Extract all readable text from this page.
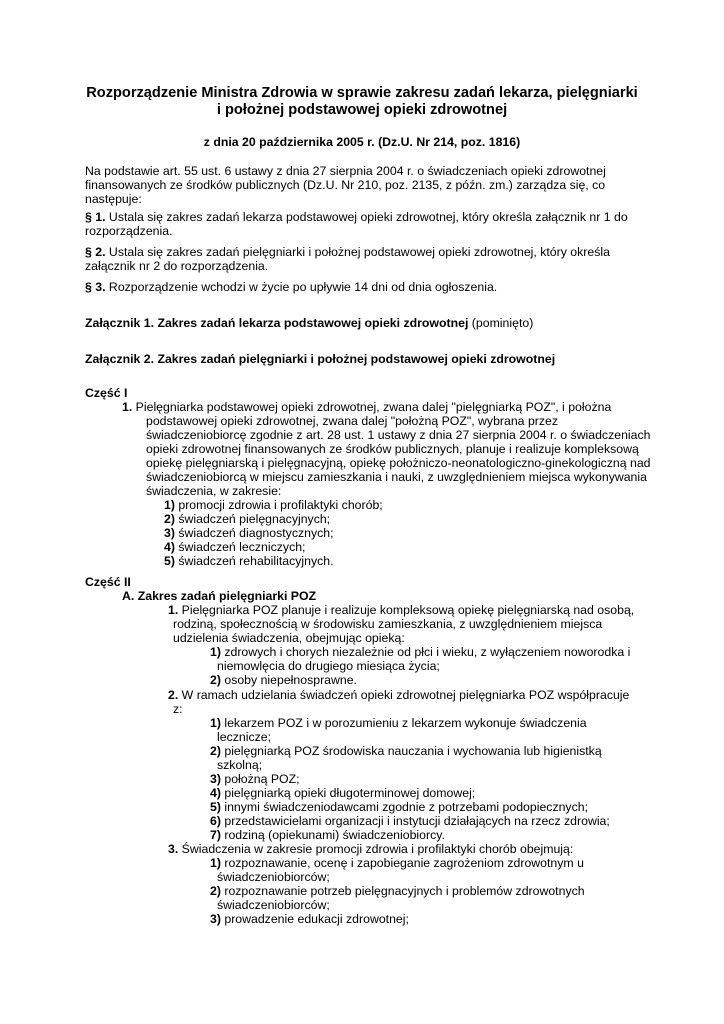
Rozporządzenie Ministra Zdrowia w sprawie zakresu zadań lekarza, pielęgniarki
i położnej podstawowej opieki zdrowotnej
z dnia 20 października 2005 r. (Dz.U. Nr 214, poz. 1816)
Na podstawie art. 55 ust. 6 ustawy z dnia 27 sierpnia 2004 r. o świadczeniach opieki zdrowotnej
finansowanych ze środków publicznych (Dz.U. Nr 210, poz. 2135, z późn. zm.) zarządza się, co
następuje:
§ 1. Ustala się zakres zadań lekarza podstawowej opieki zdrowotnej, który określa załącznik nr 1 do
rozporządzenia.
§ 2. Ustala się zakres zadań pielęgniarki i położnej podstawowej opieki zdrowotnej, który określa
załącznik nr 2 do rozporządzenia.
§ 3. Rozporządzenie wchodzi w życie po upływie 14 dni od dnia ogłoszenia.
Załącznik 1. Zakres zadań lekarza podstawowej opieki zdrowotnej (pominięto)
Załącznik 2. Zakres zadań pielęgniarki i położnej podstawowej opieki zdrowotnej
Część I
1. Pielęgniarka podstawowej opieki zdrowotnej, zwana dalej "pielęgniarką POZ", i położna
podstawowej opieki zdrowotnej, zwana dalej "położną POZ", wybrana przez
świadczeniobiorcę zgodnie z art. 28 ust. 1 ustawy z dnia 27 sierpnia 2004 r. o świadczeniach
opieki zdrowotnej finansowanych ze środków publicznych, planuje i realizuje kompleksową
opiekę pielęgniarską i pielęgnacyjną, opiekę położniczo-neonatologiczno-ginekologiczną nad
świadczeniobiorcą w miejscu zamieszkania i nauki, z uwzględnieniem miejsca wykonywania
świadczenia, w zakresie:
1) promocji zdrowia i profilaktyki chorób;
2) świadczeń pielęgnacyjnych;
3) świadczeń diagnostycznych;
4) świadczeń leczniczych;
5) świadczeń rehabilitacyjnych.
Część II
A. Zakres zadań pielęgniarki POZ
1. Pielęgniarka POZ planuje i realizuje kompleksową opiekę pielęgniarską nad osobą,
rodziną, społecznością w środowisku zamieszkania, z uwzględnieniem miejsca
udzielenia świadczenia, obejmując opieką:
1) zdrowych i chorych niezależnie od płci i wieku, z wyłączeniem noworodka i
niemowlęcia do drugiego miesiąca życia;
2) osoby niepełnosprawne.
2. W ramach udzielania świadczeń opieki zdrowotnej pielęgniarka POZ współpracuje
z:
1) lekarzem POZ i w porozumieniu z lekarzem wykonuje świadczenia
lecznicze;
2) pielęgniarką POZ środowiska nauczania i wychowania lub higienistką
szkolną;
3) położną POZ;
4) pielęgniarką opieki długoterminowej domowej;
5) innymi świadczeniodawcami zgodnie z potrzebami podopiecznych;
6) przedstawicielami organizacji i instytucji działających na rzecz zdrowia;
7) rodziną (opiekunami) świadczeniobiorcy.
3. Świadczenia w zakresie promocji zdrowia i profilaktyki chorób obejmują:
1) rozpoznawanie, ocenę i zapobieganie zagrożeniom zdrowotnym u
świadczeniobiorców;
2) rozpoznawanie potrzeb pielęgnacyjnych i problemów zdrowotnych
świadczeniobiorców;
3) prowadzenie edukacji zdrowotnej;
